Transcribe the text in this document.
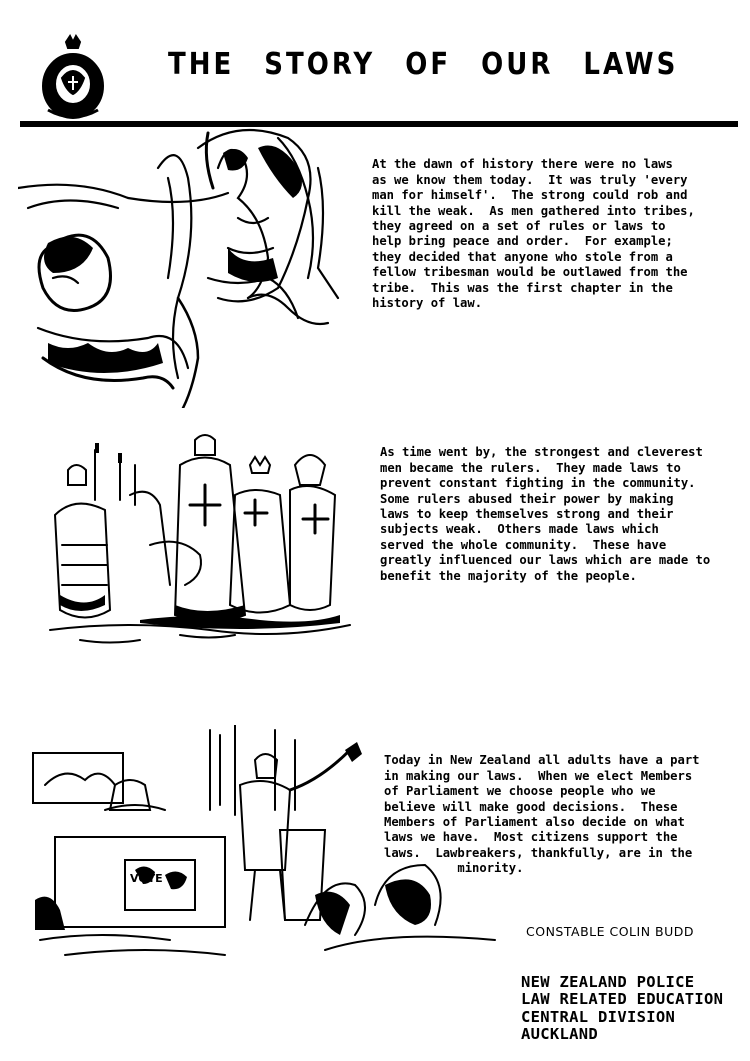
THE STORY OF OUR LAWS

At the dawn of history there were no laws
as we know them today.  It was truly 'every
man for himself'.  The strong could rob and
kill the weak.  As men gathered into tribes,
they agreed on a set of rules or laws to
help bring peace and order.  For example;
they decided that anyone who stole from a
fellow tribesman would be outlawed from the
tribe.  This was the first chapter in the
history of law.

As time went by, the strongest and cleverest
men became the rulers.  They made laws to
prevent constant fighting in the community.
Some rulers abused their power by making
laws to keep themselves strong and their
subjects weak.  Others made laws which
served the whole community.  These have
greatly influenced our laws which are made to
benefit the majority of the people.

VOTE

Today in New Zealand all adults have a part
in making our laws.  When we elect Members
of Parliament we choose people who we
believe will make good decisions.  These
Members of Parliament also decide on what
laws we have.  Most citizens support the
laws.  Lawbreakers, thankfully, are in the
minority.

CONSTABLE COLIN BUDD

NEW ZEALAND POLICE
LAW RELATED EDUCATION
CENTRAL DIVISION
AUCKLAND
